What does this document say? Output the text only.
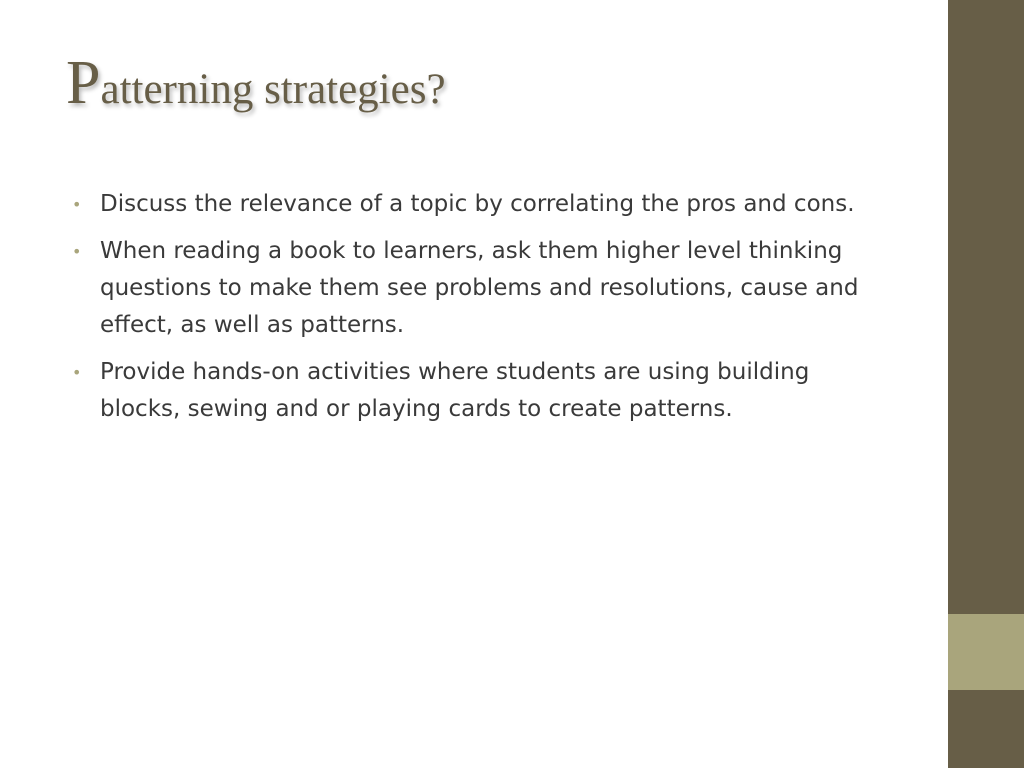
Patterning strategies?
• Discuss the relevance of a topic by correlating the pros and cons.
• When reading a book to learners, ask them higher level thinking questions to make them see problems and resolutions, cause and effect, as well as patterns.
• Provide hands-on activities where students are using building blocks, sewing and or playing cards to create patterns.
